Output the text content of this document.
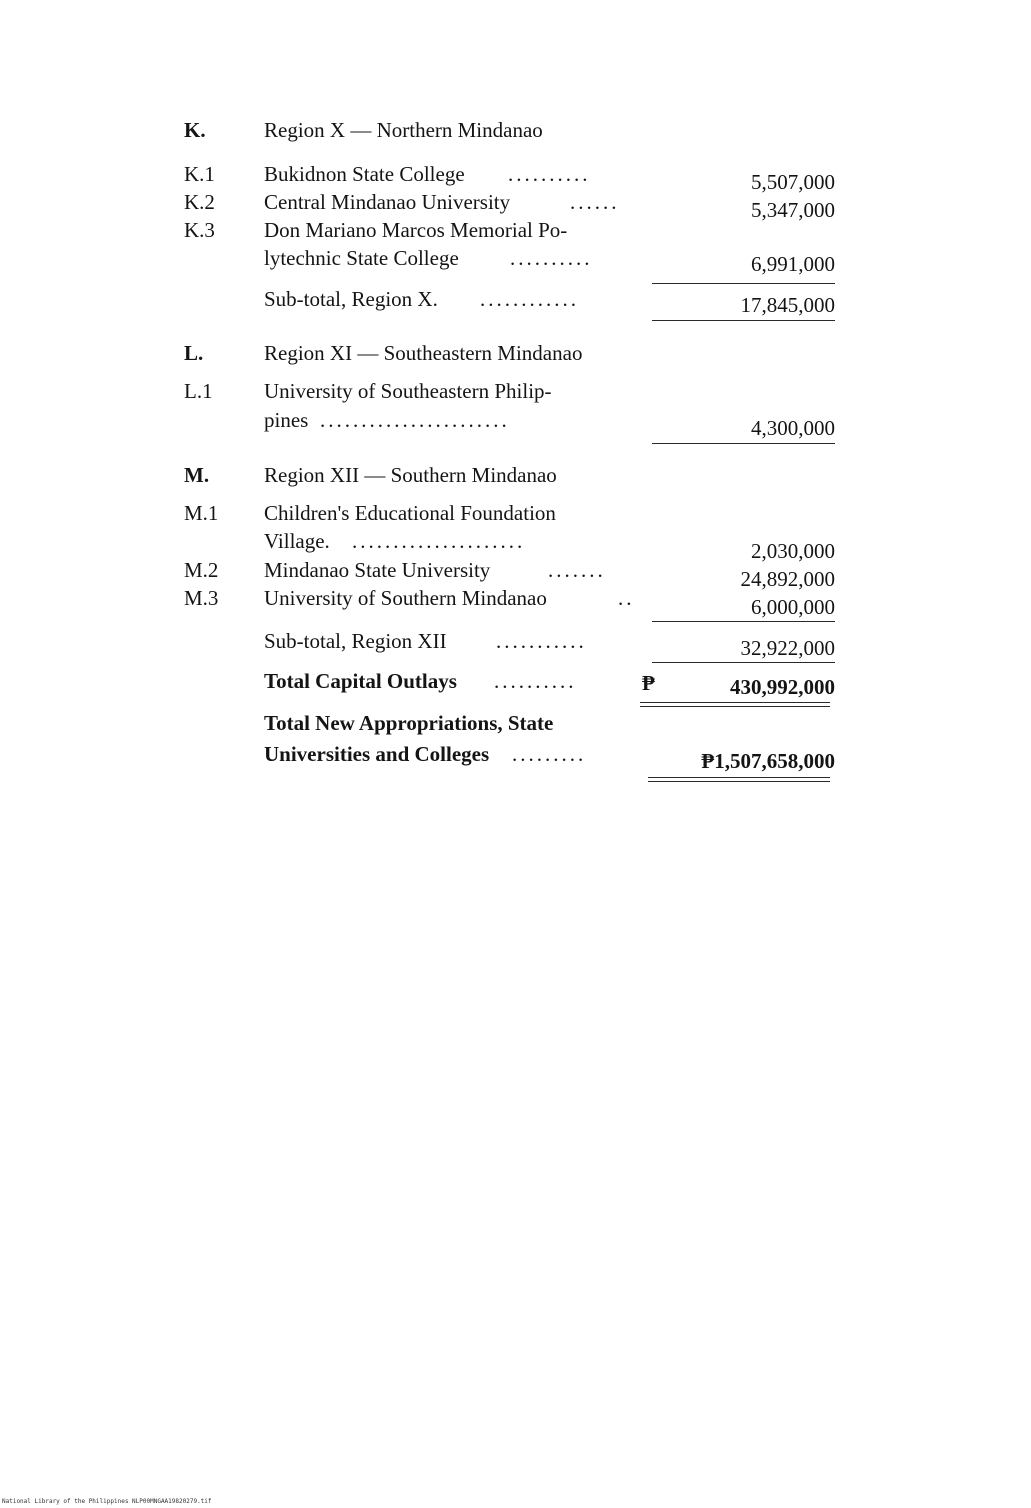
K.	Region X — Northern Mindanao
K.1 Bukidnon State College ..........	5,507,000
K.2 Central Mindanao University	......	5,347,000
K.3 Don Mariano Marcos Memorial Po-
lytechnic State College ..........	6,991,000
Sub-total, Region X. ............	17,845,000
L.	Region XI — Southeastern Mindanao
L.1 University of Southeastern Philip-
pines .......................	4,300,000
M.	Region XII — Southern Mindanao
M.1 Children's Educational Foundation
Village. .....................	2,030,000
M.2 Mindanao State University	.......	24,892,000
M.3 University of Southern Mindanao	..	6,000,000
Sub-total, Region XII ...........	32,922,000
Total Capital Outlays ..........	₱	430,992,000
Total New Appropriations, State
Universities and Colleges .........	₱1,507,658,000
National Library of the Philippines NLP00MNGAA19820279.tif
